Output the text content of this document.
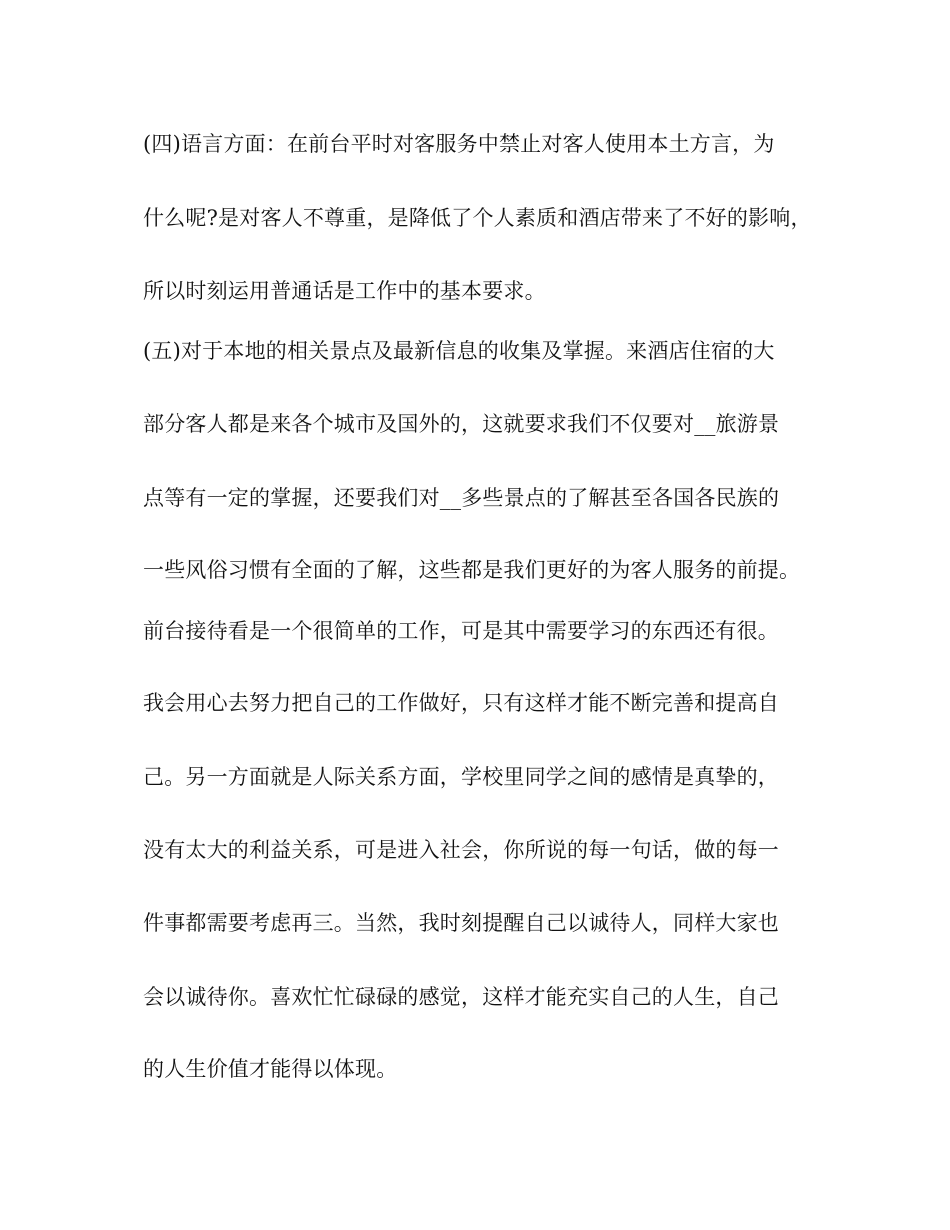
(四)语言方面：在前台平时对客服务中禁止对客人使用本土方言，为

什么呢?是对客人不尊重，是降低了个人素质和酒店带来了不好的影响，

所以时刻运用普通话是工作中的基本要求。

(五)对于本地的相关景点及最新信息的收集及掌握。来酒店住宿的大

部分客人都是来各个城市及国外的，这就要求我们不仅要对__旅游景

点等有一定的掌握，还要我们对__多些景点的了解甚至各国各民族的

一些风俗习惯有全面的了解，这些都是我们更好的为客人服务的前提。

前台接待看是一个很简单的工作，可是其中需要学习的东西还有很。

我会用心去努力把自己的工作做好，只有这样才能不断完善和提高自

己。另一方面就是人际关系方面，学校里同学之间的感情是真挚的，

没有太大的利益关系，可是进入社会，你所说的每一句话，做的每一

件事都需要考虑再三。当然，我时刻提醒自己以诚待人，同样大家也

会以诚待你。喜欢忙忙碌碌的感觉，这样才能充实自己的人生，自己

的人生价值才能得以体现。
